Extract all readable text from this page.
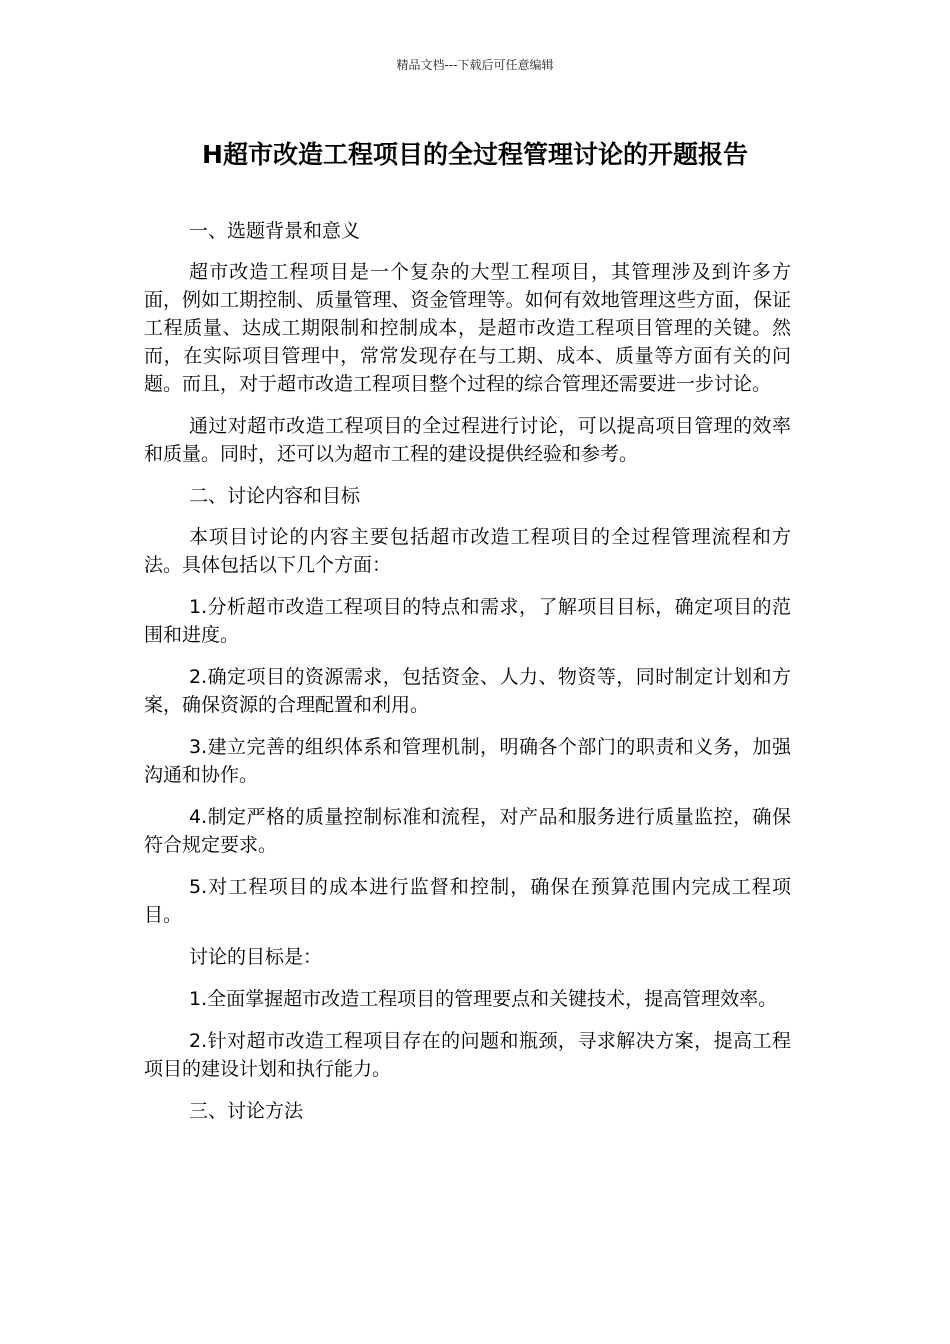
精品文档---下载后可任意编辑
H超市改造工程项目的全过程管理讨论的开题报告

一、选题背景和意义

超市改造工程项目是一个复杂的大型工程项目，其管理涉及到许多方面，例如工期控制、质量管理、资金管理等。如何有效地管理这些方面，保证工程质量、达成工期限制和控制成本，是超市改造工程项目管理的关键。然而，在实际项目管理中，常常发现存在与工期、成本、质量等方面有关的问题。而且，对于超市改造工程项目整个过程的综合管理还需要进一步讨论。

通过对超市改造工程项目的全过程进行讨论，可以提高项目管理的效率和质量。同时，还可以为超市工程的建设提供经验和参考。

二、讨论内容和目标

本项目讨论的内容主要包括超市改造工程项目的全过程管理流程和方法。具体包括以下几个方面：

1.分析超市改造工程项目的特点和需求，了解项目目标，确定项目的范围和进度。

2.确定项目的资源需求，包括资金、人力、物资等，同时制定计划和方案，确保资源的合理配置和利用。

3.建立完善的组织体系和管理机制，明确各个部门的职责和义务，加强沟通和协作。

4.制定严格的质量控制标准和流程，对产品和服务进行质量监控，确保符合规定要求。

5.对工程项目的成本进行监督和控制，确保在预算范围内完成工程项目。

讨论的目标是：

1.全面掌握超市改造工程项目的管理要点和关键技术，提高管理效率。

2.针对超市改造工程项目存在的问题和瓶颈，寻求解决方案，提高工程项目的建设计划和执行能力。

三、讨论方法
